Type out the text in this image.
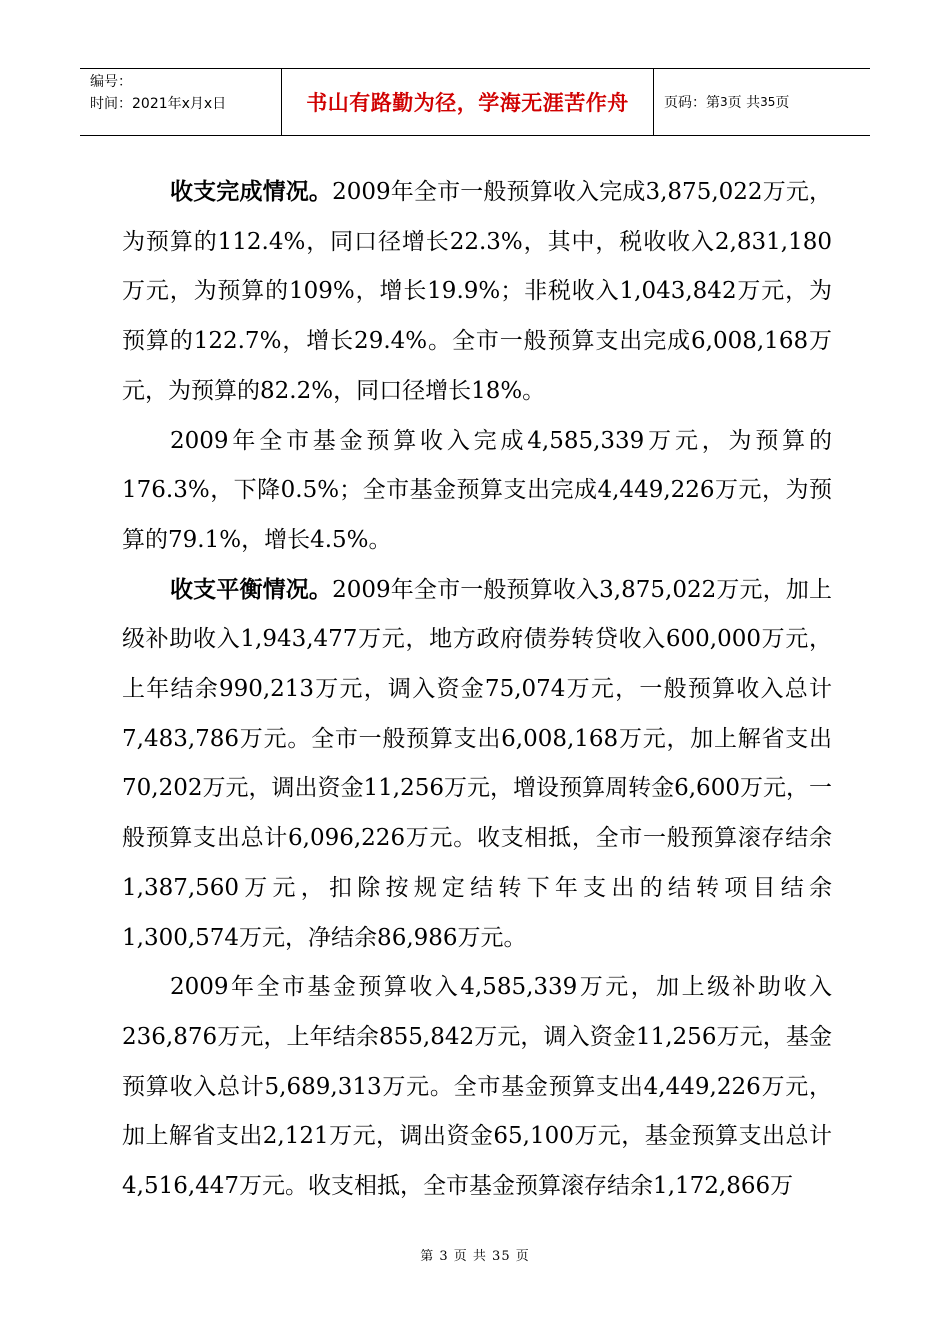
编号：
时间：2021年x月x日	书山有路勤为径，学海无涯苦作舟	页码：第 3 页 共 35 页

收支完成情况。2009年全市一般预算收入完成3,875,022万元，为预算的112.4%，同口径增长22.3%，其中，税收收入2,831,180万元，为预算的109%，增长19.9%；非税收入1,043,842万元，为预算的122.7%，增长29.4%。全市一般预算支出完成6,008,168万元，为预算的82.2%，同口径增长18%。

2009年全市基金预算收入完成4,585,339万元，为预算的176.3%，下降0.5%；全市基金预算支出完成4,449,226万元，为预算的79.1%，增长4.5%。

收支平衡情况。2009年全市一般预算收入3,875,022万元，加上级补助收入1,943,477万元，地方政府债券转贷收入600,000万元，上年结余990,213万元，调入资金75,074万元，一般预算收入总计7,483,786万元。全市一般预算支出6,008,168万元，加上解省支出70,202万元，调出资金11,256万元，增设预算周转金6,600万元，一般预算支出总计6,096,226万元。收支相抵，全市一般预算滚存结余1,387,560万元，扣除按规定结转下年支出的结转项目结余1,300,574万元，净结余86,986万元。

2009年全市基金预算收入4,585,339万元，加上级补助收入236,876万元，上年结余855,842万元，调入资金11,256万元，基金预算收入总计5,689,313万元。全市基金预算支出4,449,226万元，加上解省支出2,121万元，调出资金65,100万元，基金预算支出总计4,516,447万元。收支相抵，全市基金预算滚存结余1,172,866万

第 3 页 共 35 页
